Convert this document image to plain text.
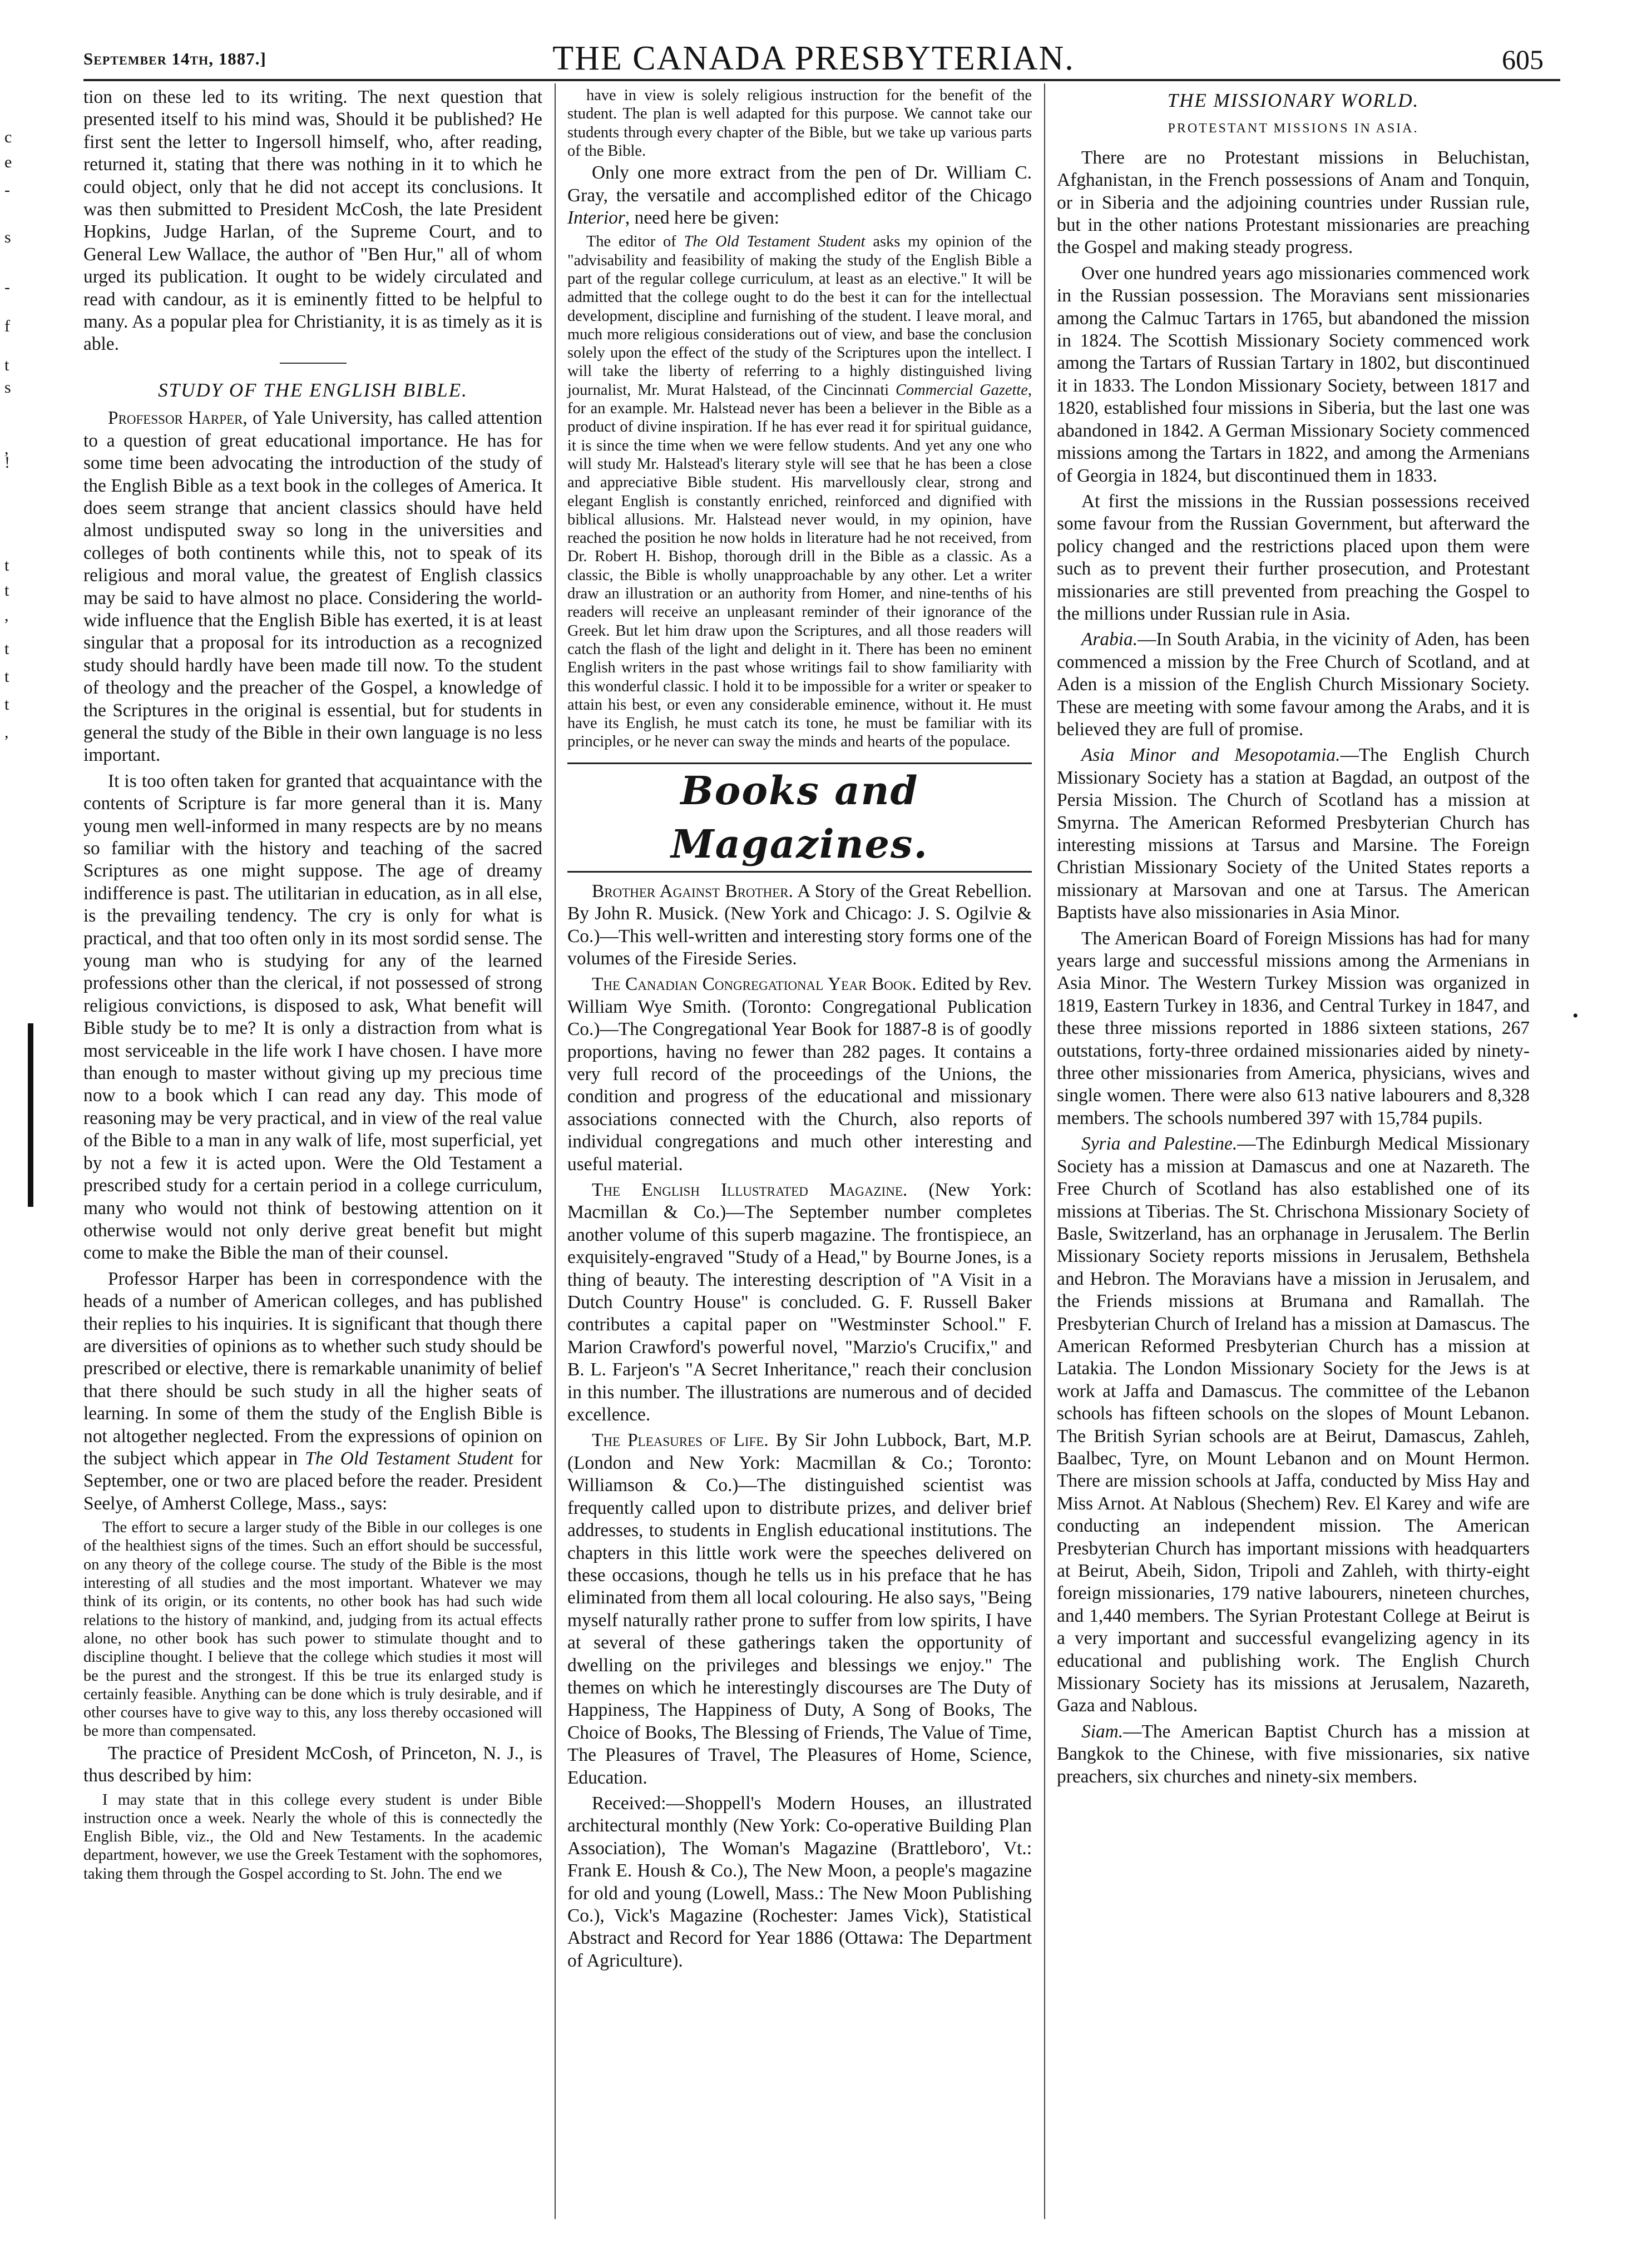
September 14th, 1887.]	THE CANADA PRESBYTERIAN.	605
c
e
-
s
-
f
t
s
,
!
t
t
,
t
t
t
,
•

tion on these led to its writing. The next question that presented itself to his mind was, Should it be published? He first sent the letter to Ingersoll himself, who, after reading, returned it, stating that there was nothing in it to which he could object, only that he did not accept its conclusions. It was then submitted to President McCosh, the late President Hopkins, Judge Harlan, of the Supreme Court, and to General Lew Wallace, the author of "Ben Hur," all of whom urged its publication. It ought to be widely circulated and read with candour, as it is eminently fitted to be helpful to many. As a popular plea for Christianity, it is as timely as it is able.

STUDY OF THE ENGLISH BIBLE.

Professor Harper, of Yale University, has called attention to a question of great educational importance. He has for some time been advocating the introduction of the study of the English Bible as a text book in the colleges of America. It does seem strange that ancient classics should have held almost undisputed sway so long in the universities and colleges of both continents while this, not to speak of its religious and moral value, the greatest of English classics may be said to have almost no place. Considering the world-wide influence that the English Bible has exerted, it is at least singular that a proposal for its introduction as a recognized study should hardly have been made till now. To the student of theology and the preacher of the Gospel, a knowledge of the Scriptures in the original is essential, but for students in general the study of the Bible in their own language is no less important.

It is too often taken for granted that acquaintance with the contents of Scripture is far more general than it is. Many young men well-informed in many respects are by no means so familiar with the history and teaching of the sacred Scriptures as one might suppose. The age of dreamy indifference is past. The utilitarian in education, as in all else, is the prevailing tendency. The cry is only for what is practical, and that too often only in its most sordid sense. The young man who is studying for any of the learned professions other than the clerical, if not possessed of strong religious convictions, is disposed to ask, What benefit will Bible study be to me? It is only a distraction from what is most serviceable in the life work I have chosen. I have more than enough to master without giving up my precious time now to a book which I can read any day. This mode of reasoning may be very practical, and in view of the real value of the Bible to a man in any walk of life, most superficial, yet by not a few it is acted upon. Were the Old Testament a prescribed study for a certain period in a college curriculum, many who would not think of bestowing attention on it otherwise would not only derive great benefit but might come to make the Bible the man of their counsel.

Professor Harper has been in correspondence with the heads of a number of American colleges, and has published their replies to his inquiries. It is significant that though there are diversities of opinions as to whether such study should be prescribed or elective, there is remarkable unanimity of belief that there should be such study in all the higher seats of learning. In some of them the study of the English Bible is not altogether neglected. From the expressions of opinion on the subject which appear in The Old Testament Student for September, one or two are placed before the reader. President Seelye, of Amherst College, Mass., says:

The effort to secure a larger study of the Bible in our colleges is one of the healthiest signs of the times. Such an effort should be successful, on any theory of the college course. The study of the Bible is the most interesting of all studies and the most important. Whatever we may think of its origin, or its contents, no other book has had such wide relations to the history of mankind, and, judging from its actual effects alone, no other book has such power to stimulate thought and to discipline thought. I believe that the college which studies it most will be the purest and the strongest. If this be true its enlarged study is certainly feasible. Anything can be done which is truly desirable, and if other courses have to give way to this, any loss thereby occasioned will be more than compensated.

The practice of President McCosh, of Princeton, N. J., is thus described by him:

I may state that in this college every student is under Bible instruction once a week. Nearly the whole of this is connectedly the English Bible, viz., the Old and New Testaments. In the academic department, however, we use the Greek Testament with the sophomores, taking them through the Gospel according to St. John. The end we

have in view is solely religious instruction for the benefit of the student. The plan is well adapted for this purpose. We cannot take our students through every chapter of the Bible, but we take up various parts of the Bible.

Only one more extract from the pen of Dr. William C. Gray, the versatile and accomplished editor of the Chicago Interior, need here be given:

The editor of The Old Testament Student asks my opinion of the "advisability and feasibility of making the study of the English Bible a part of the regular college curriculum, at least as an elective." It will be admitted that the college ought to do the best it can for the intellectual development, discipline and furnishing of the student. I leave moral, and much more religious considerations out of view, and base the conclusion solely upon the effect of the study of the Scriptures upon the intellect. I will take the liberty of referring to a highly distinguished living journalist, Mr. Murat Halstead, of the Cincinnati Commercial Gazette, for an example. Mr. Halstead never has been a believer in the Bible as a product of divine inspiration. If he has ever read it for spiritual guidance, it is since the time when we were fellow students. And yet any one who will study Mr. Halstead's literary style will see that he has been a close and appreciative Bible student. His marvellously clear, strong and elegant English is constantly enriched, reinforced and dignified with biblical allusions. Mr. Halstead never would, in my opinion, have reached the position he now holds in literature had he not received, from Dr. Robert H. Bishop, thorough drill in the Bible as a classic. As a classic, the Bible is wholly unapproachable by any other. Let a writer draw an illustration or an authority from Homer, and nine-tenths of his readers will receive an unpleasant reminder of their ignorance of the Greek. But let him draw upon the Scriptures, and all those readers will catch the flash of the light and delight in it. There has been no eminent English writers in the past whose writings fail to show familiarity with this wonderful classic. I hold it to be impossible for a writer or speaker to attain his best, or even any considerable eminence, without it. He must have its English, he must catch its tone, he must be familiar with its principles, or he never can sway the minds and hearts of the populace.

Books and Magazines.

Brother Against Brother. A Story of the Great Rebellion. By John R. Musick. (New York and Chicago: J. S. Ogilvie & Co.)—This well-written and interesting story forms one of the volumes of the Fireside Series.

The Canadian Congregational Year Book. Edited by Rev. William Wye Smith. (Toronto: Congregational Publication Co.)—The Congregational Year Book for 1887-8 is of goodly proportions, having no fewer than 282 pages. It contains a very full record of the proceedings of the Unions, the condition and progress of the educational and missionary associations connected with the Church, also reports of individual congregations and much other interesting and useful material.

The English Illustrated Magazine. (New York: Macmillan & Co.)—The September number completes another volume of this superb magazine. The frontispiece, an exquisitely-engraved "Study of a Head," by Bourne Jones, is a thing of beauty. The interesting description of "A Visit in a Dutch Country House" is concluded. G. F. Russell Baker contributes a capital paper on "Westminster School." F. Marion Crawford's powerful novel, "Marzio's Crucifix," and B. L. Farjeon's "A Secret Inheritance," reach their conclusion in this number. The illustrations are numerous and of decided excellence.

The Pleasures of Life. By Sir John Lubbock, Bart, M.P. (London and New York: Macmillan & Co.; Toronto: Williamson & Co.)—The distinguished scientist was frequently called upon to distribute prizes, and deliver brief addresses, to students in English educational institutions. The chapters in this little work were the speeches delivered on these occasions, though he tells us in his preface that he has eliminated from them all local colouring. He also says, "Being myself naturally rather prone to suffer from low spirits, I have at several of these gatherings taken the opportunity of dwelling on the privileges and blessings we enjoy." The themes on which he interestingly discourses are The Duty of Happiness, The Happiness of Duty, A Song of Books, The Choice of Books, The Blessing of Friends, The Value of Time, The Pleasures of Travel, The Pleasures of Home, Science, Education.

Received:—Shoppell's Modern Houses, an illustrated architectural monthly (New York: Co-operative Building Plan Association), The Woman's Magazine (Brattleboro', Vt.: Frank E. Housh & Co.), The New Moon, a people's magazine for old and young (Lowell, Mass.: The New Moon Publishing Co.), Vick's Magazine (Rochester: James Vick), Statistical Abstract and Record for Year 1886 (Ottawa: The Department of Agriculture).

THE MISSIONARY WORLD.
PROTESTANT MISSIONS IN ASIA.

There are no Protestant missions in Beluchistan, Afghanistan, in the French possessions of Anam and Tonquin, or in Siberia and the adjoining countries under Russian rule, but in the other nations Protestant missionaries are preaching the Gospel and making steady progress.

Over one hundred years ago missionaries commenced work in the Russian possession. The Moravians sent missionaries among the Calmuc Tartars in 1765, but abandoned the mission in 1824. The Scottish Missionary Society commenced work among the Tartars of Russian Tartary in 1802, but discontinued it in 1833. The London Missionary Society, between 1817 and 1820, established four missions in Siberia, but the last one was abandoned in 1842. A German Missionary Society commenced missions among the Tartars in 1822, and among the Armenians of Georgia in 1824, but discontinued them in 1833.

At first the missions in the Russian possessions received some favour from the Russian Government, but afterward the policy changed and the restrictions placed upon them were such as to prevent their further prosecution, and Protestant missionaries are still prevented from preaching the Gospel to the millions under Russian rule in Asia.

Arabia.—In South Arabia, in the vicinity of Aden, has been commenced a mission by the Free Church of Scotland, and at Aden is a mission of the English Church Missionary Society. These are meeting with some favour among the Arabs, and it is believed they are full of promise.

Asia Minor and Mesopotamia.—The English Church Missionary Society has a station at Bagdad, an outpost of the Persia Mission. The Church of Scotland has a mission at Smyrna. The American Reformed Presbyterian Church has interesting missions at Tarsus and Marsine. The Foreign Christian Missionary Society of the United States reports a missionary at Marsovan and one at Tarsus. The American Baptists have also missionaries in Asia Minor.

The American Board of Foreign Missions has had for many years large and successful missions among the Armenians in Asia Minor. The Western Turkey Mission was organized in 1819, Eastern Turkey in 1836, and Central Turkey in 1847, and these three missions reported in 1886 sixteen stations, 267 outstations, forty-three ordained missionaries aided by ninety-three other missionaries from America, physicians, wives and single women. There were also 613 native labourers and 8,328 members. The schools numbered 397 with 15,784 pupils.

Syria and Palestine.—The Edinburgh Medical Missionary Society has a mission at Damascus and one at Nazareth. The Free Church of Scotland has also established one of its missions at Tiberias. The St. Chrischona Missionary Society of Basle, Switzerland, has an orphanage in Jerusalem. The Berlin Missionary Society reports missions in Jerusalem, Bethshela and Hebron. The Moravians have a mission in Jerusalem, and the Friends missions at Brumana and Ramallah. The Presbyterian Church of Ireland has a mission at Damascus. The American Reformed Presbyterian Church has a mission at Latakia. The London Missionary Society for the Jews is at work at Jaffa and Damascus. The committee of the Lebanon schools has fifteen schools on the slopes of Mount Lebanon. The British Syrian schools are at Beirut, Damascus, Zahleh, Baalbec, Tyre, on Mount Lebanon and on Mount Hermon. There are mission schools at Jaffa, conducted by Miss Hay and Miss Arnot. At Nablous (Shechem) Rev. El Karey and wife are conducting an independent mission. The American Presbyterian Church has important missions with headquarters at Beirut, Abeih, Sidon, Tripoli and Zahleh, with thirty-eight foreign missionaries, 179 native labourers, nineteen churches, and 1,440 members. The Syrian Protestant College at Beirut is a very important and successful evangelizing agency in its educational and publishing work. The English Church Missionary Society has its missions at Jerusalem, Nazareth, Gaza and Nablous.

Siam.—The American Baptist Church has a mission at Bangkok to the Chinese, with five missionaries, six native preachers, six churches and ninety-six members.
